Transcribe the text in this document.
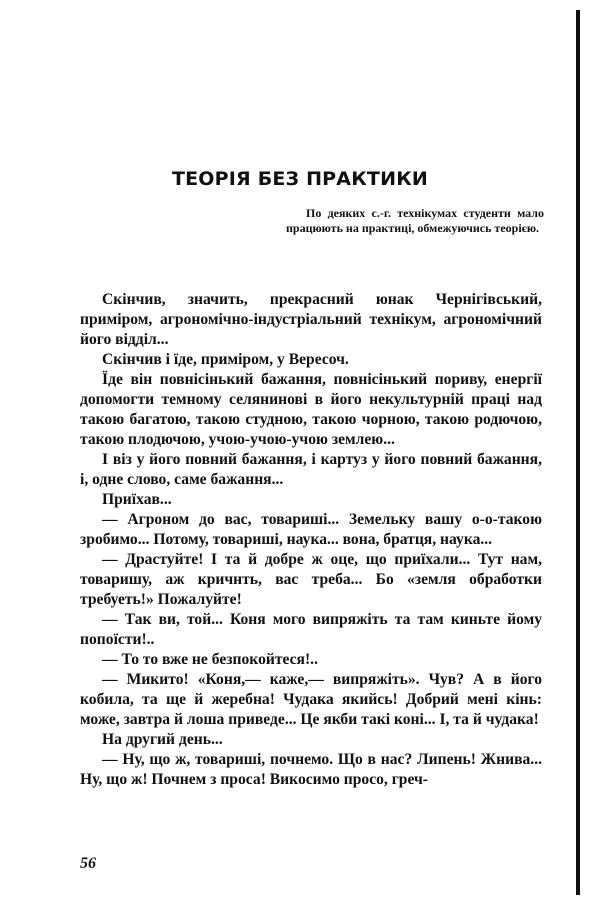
ТЕОРІЯ БЕЗ ПРАКТИКИ

По деяких с.-г. технікумах студенти мало працюють на практиці, обмежуючись теорією.

Скінчив, значить, прекрасний юнак Чернігівський, приміром, агрономічно-індустріальний технікум, агрономічний його відділ...

Скінчив і їде, приміром, у Вересоч.

Їде він повнісінький бажання, повнісінький пориву, енергії допомогти темному селянинові в його некультурній праці над такою багатою, такою студною, такою чорною, такою родючою, такою плодючою, учою-учою-учою землею...

І віз у його повний бажання, і картуз у його повний бажання, і, одне слово, саме бажання...

Приїхав...

— Агроном до вас, товариші... Земельку вашу о-о-такою зробимо... Потому, товариші, наука... вона, братця, наука...

— Драстуйте! І та й добре ж оце, що приїхали... Тут нам, товаришу, аж кричнть, вас треба... Бо «земля обработки требуеть!» Пожалуйте!

— Так ви, той... Коня мого випряжіть та там киньте йому попоїсти!..

— То то вже не безпокойтеся!..

— Микито! «Коня,— каже,— випряжіть». Чув? А в його кобила, та ще й жеребна! Чудака якийсь! Добрий мені кінь: може, завтра й лоша приведе... Це якби такі коні... І, та й чудака!

На другий день...

— Ну, що ж, товариші, почнемо. Що в нас? Липень! Жнива... Ну, що ж! Почнем з проса! Викосимо просо, греч-

56
